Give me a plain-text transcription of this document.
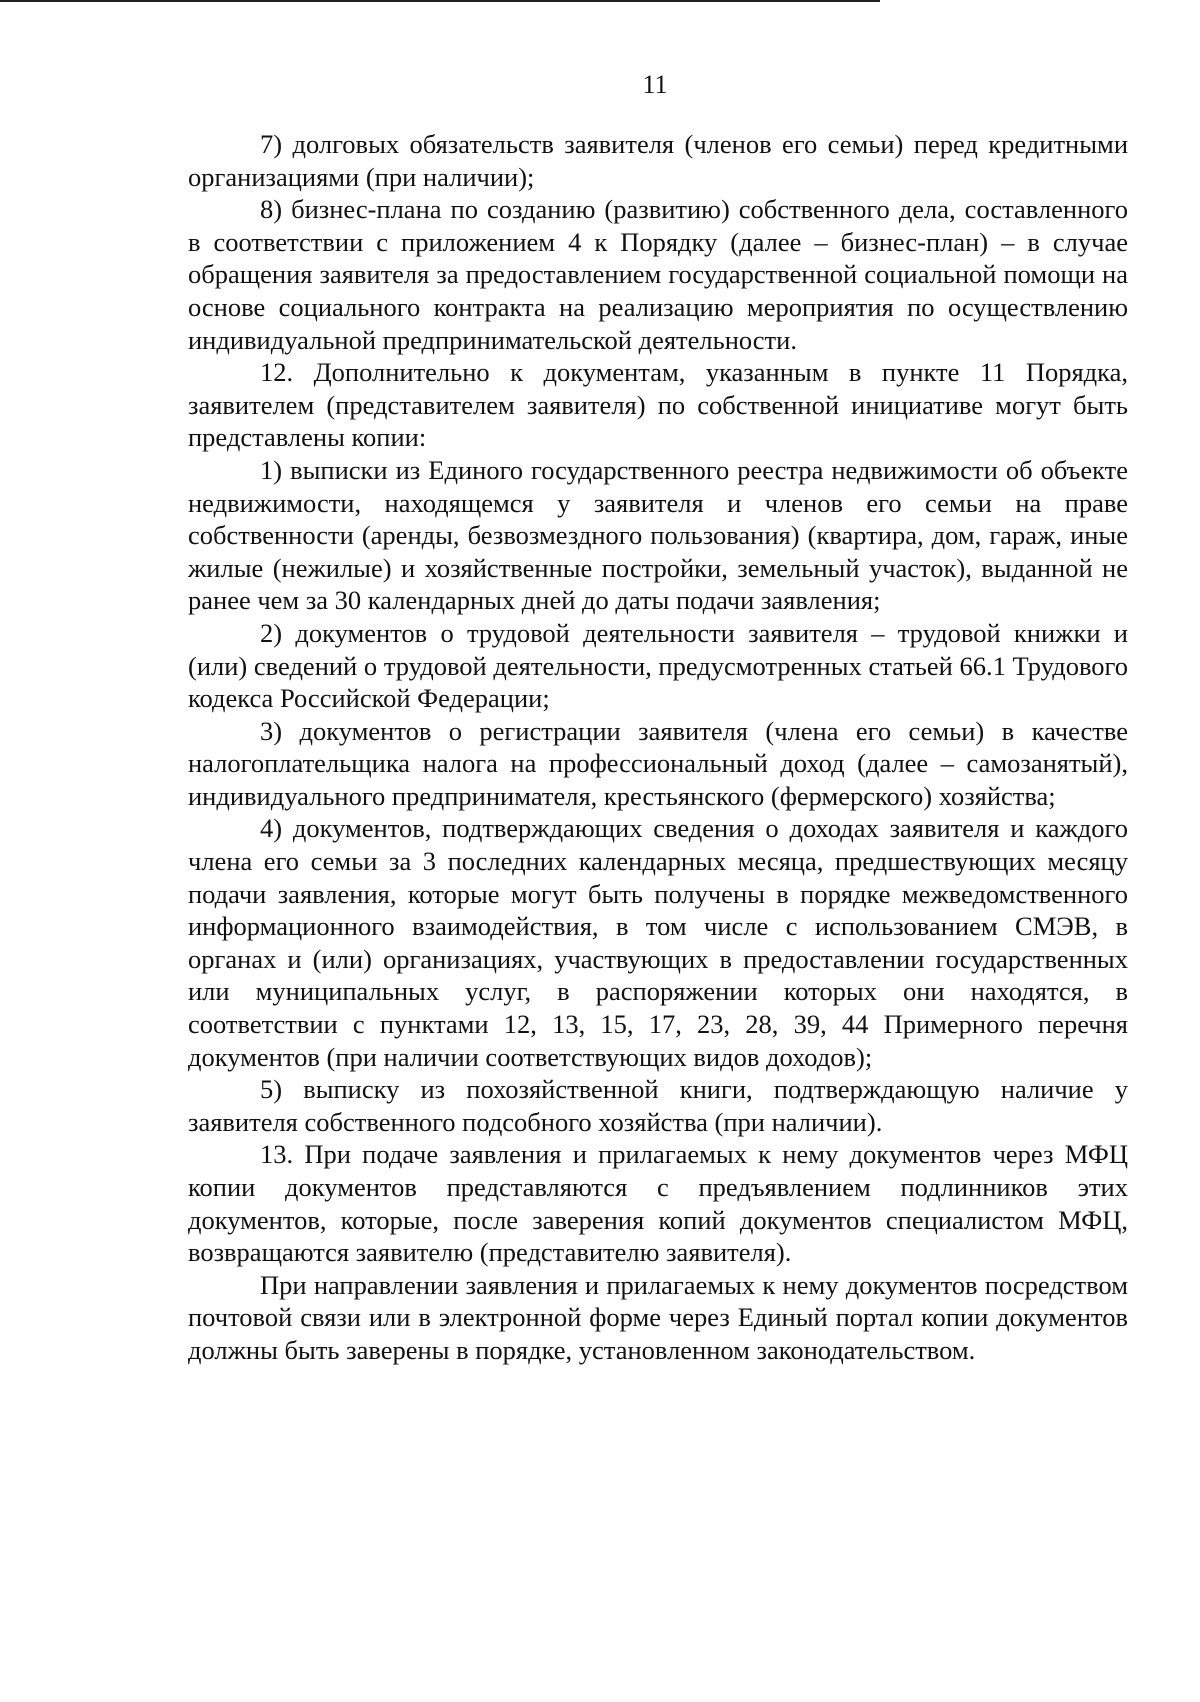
11

7) долговых обязательств заявителя (членов его семьи) перед кредитными организациями (при наличии);

8) бизнес-плана по созданию (развитию) собственного дела, составленного в соответствии с приложением 4 к Порядку (далее – бизнес-план) – в случае обращения заявителя за предоставлением государственной социальной помощи на основе социального контракта на реализацию мероприятия по осуществлению индивидуальной предпринимательской деятельности.

12. Дополнительно к документам, указанным в пункте 11 Порядка, заявителем (представителем заявителя) по собственной инициативе могут быть представлены копии:

1) выписки из Единого государственного реестра недвижимости об объекте недвижимости, находящемся у заявителя и членов его семьи на праве собственности (аренды, безвозмездного пользования) (квартира, дом, гараж, иные жилые (нежилые) и хозяйственные постройки, земельный участок), выданной не ранее чем за 30 календарных дней до даты подачи заявления;

2) документов о трудовой деятельности заявителя – трудовой книжки и (или) сведений о трудовой деятельности, предусмотренных статьей 66.1 Трудового кодекса Российской Федерации;

3) документов о регистрации заявителя (члена его семьи) в качестве налогоплательщика налога на профессиональный доход (далее – самозанятый), индивидуального предпринимателя, крестьянского (фермерского) хозяйства;

4) документов, подтверждающих сведения о доходах заявителя и каждого члена его семьи за 3 последних календарных месяца, предшествующих месяцу подачи заявления, которые могут быть получены в порядке межведомственного информационного взаимодействия, в том числе с использованием СМЭВ, в органах и (или) организациях, участвующих в предоставлении государственных или муниципальных услуг, в распоряжении которых они находятся, в соответствии с пунктами 12, 13, 15, 17, 23, 28, 39, 44 Примерного перечня документов (при наличии соответствующих видов доходов);

5) выписку из похозяйственной книги, подтверждающую наличие у заявителя собственного подсобного хозяйства (при наличии).

13. При подаче заявления и прилагаемых к нему документов через МФЦ копии документов представляются с предъявлением подлинников этих документов, которые, после заверения копий документов специалистом МФЦ, возвращаются заявителю (представителю заявителя).

При направлении заявления и прилагаемых к нему документов посредством почтовой связи или в электронной форме через Единый портал копии документов должны быть заверены в порядке, установленном законодательством.
